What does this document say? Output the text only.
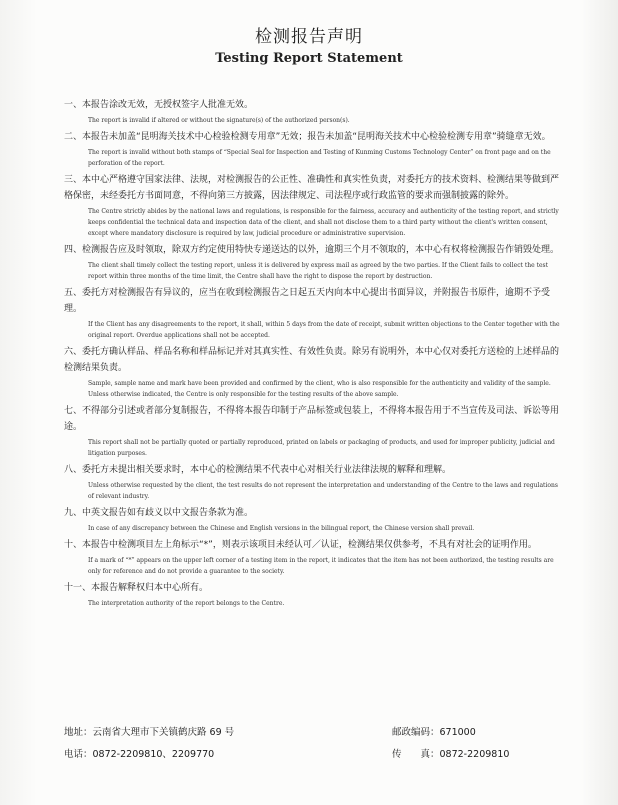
检测报告声明
Testing Report Statement

一、本报告涂改无效，无授权签字人批准无效。

The report is invalid if altered or without the signature(s) of the authorized person(s).

二、本报告未加盖“昆明海关技术中心检验检测专用章”无效；报告未加盖“昆明海关技术中心检验检测专用章”骑缝章无效。

The report is invalid without both stamps of “Special Seal for Inspection and Testing of Kunming Customs Technology Center” on front page and on the perforation of the report.

三、本中心严格遵守国家法律、法规，对检测报告的公正性、准确性和真实性负责，对委托方的技术资料、检测结果等做到严格保密，未经委托方书面同意，不得向第三方披露，因法律规定、司法程序或行政监管的要求而强制披露的除外。

The Centre strictly abides by the national laws and regulations, is responsible for the fairness, accuracy and authenticity of the testing report, and strictly keeps confidential the technical data and inspection data of the client, and shall not disclose them to a third party without the client's written consent, except where mandatory disclosure is required by law, judicial procedure or administrative supervision.

四、检测报告应及时领取，除双方约定使用特快专递送达的以外，逾期三个月不领取的，本中心有权将检测报告作销毁处理。

The client shall timely collect the testing report, unless it is delivered by express mail as agreed by the two parties. If the Client fails to collect the test report within three months of the time limit, the Centre shall have the right to dispose the report by destruction.

五、委托方对检测报告有异议的，应当在收到检测报告之日起五天内向本中心提出书面异议，并附报告书原件，逾期不予受理。

If the Client has any disagreements to the report, it shall, within 5 days from the date of receipt, submit written objections to the Center together with the original report. Overdue applications shall not be accepted.

六、委托方确认样品、样品名称和样品标记并对其真实性、有效性负责。除另有说明外，本中心仅对委托方送检的上述样品的检测结果负责。

Sample, sample name and mark have been provided and confirmed by the client, who is also responsible for the authenticity and validity of the sample. Unless otherwise indicated, the Centre is only responsible for the testing results of the above sample.

七、不得部分引述或者部分复制报告，不得将本报告印制于产品标签或包装上，不得将本报告用于不当宣传及司法、诉讼等用途。

This report shall not be partially quoted or partially reproduced, printed on labels or packaging of products, and used for improper publicity, judicial and litigation purposes.

八、委托方未提出相关要求时，本中心的检测结果不代表中心对相关行业法律法规的解释和理解。

Unless otherwise requested by the client, the test results do not represent the interpretation and understanding of the Centre to the laws and regulations of relevant industry.

九、中英文报告如有歧义以中文报告条款为准。

In case of any discrepancy between the Chinese and English versions in the bilingual report, the Chinese version shall prevail.

十、本报告中检测项目左上角标示“*”，则表示该项目未经认可／认证，检测结果仅供参考，不具有对社会的证明作用。

If a mark of “*” appears on the upper left corner of a testing item in the report, it indicates that the item has not been authorized, the testing results are only for reference and do not provide a guarantee to the society.

十一、本报告解释权归本中心所有。

The interpretation authority of the report belongs to the Centre.

地址：云南省大理市下关镇鹤庆路 69 号	邮政编码：671000
电话：0872-2209810、2209770	传　　真：0872-2209810
